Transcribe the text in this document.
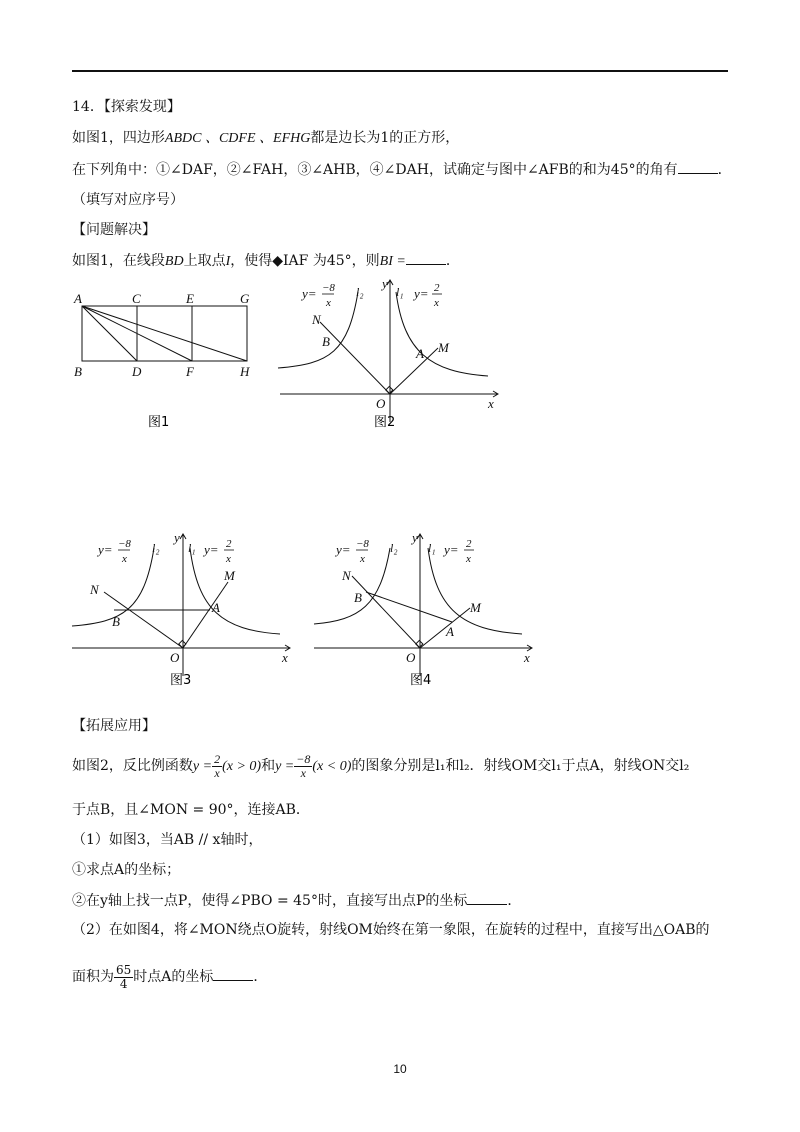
14．【探索发现】
如图1，四边形ABDC 、CDFE 、EFHG都是边长为1的正方形，
在下列角中：①∠DAF，②∠FAH，③∠AHB，④∠DAH，试确定与图中∠AFB的和为45°的角有	．
（填写对应序号）
【问题解决】
如图1，在线段BD上取点I，使得◆IAF 为45°，则BI =	．
A	C	E	G
B	D	F	H
图1
y
x
O
N
B
A M
y= −8
x
l₂	l₁ y= 2
x
图2
y
x
O
N
B
A
M
y= −8
x
l₂ l₁ y= 2
x
图3
y
x
O
N
B
A
M
y= −8
x
l₂	l₁ y= 2
x
图4
【拓展应用】
如图2，反比例函数$y = \frac{2}{x} (x > 0)$和$y = \frac{-8}{x} (x < 0)$的图象分别是l₁和l₂．射线OM交l₁于点A，射线ON交l₂
于点B，且∠MON = 90°，连接AB．
（1）如图3，当AB // x轴时，
①求点A的坐标；
②在y轴上找一点P，使得∠PBO = 45°时，直接写出点P的坐标	．
（2）在如图4，将∠MON绕点O旋转，射线OM始终在第一象限，在旋转的过程中，直接写出△OAB的
面积为 $\frac{65}{4}$ 时点A的坐标	．
10
